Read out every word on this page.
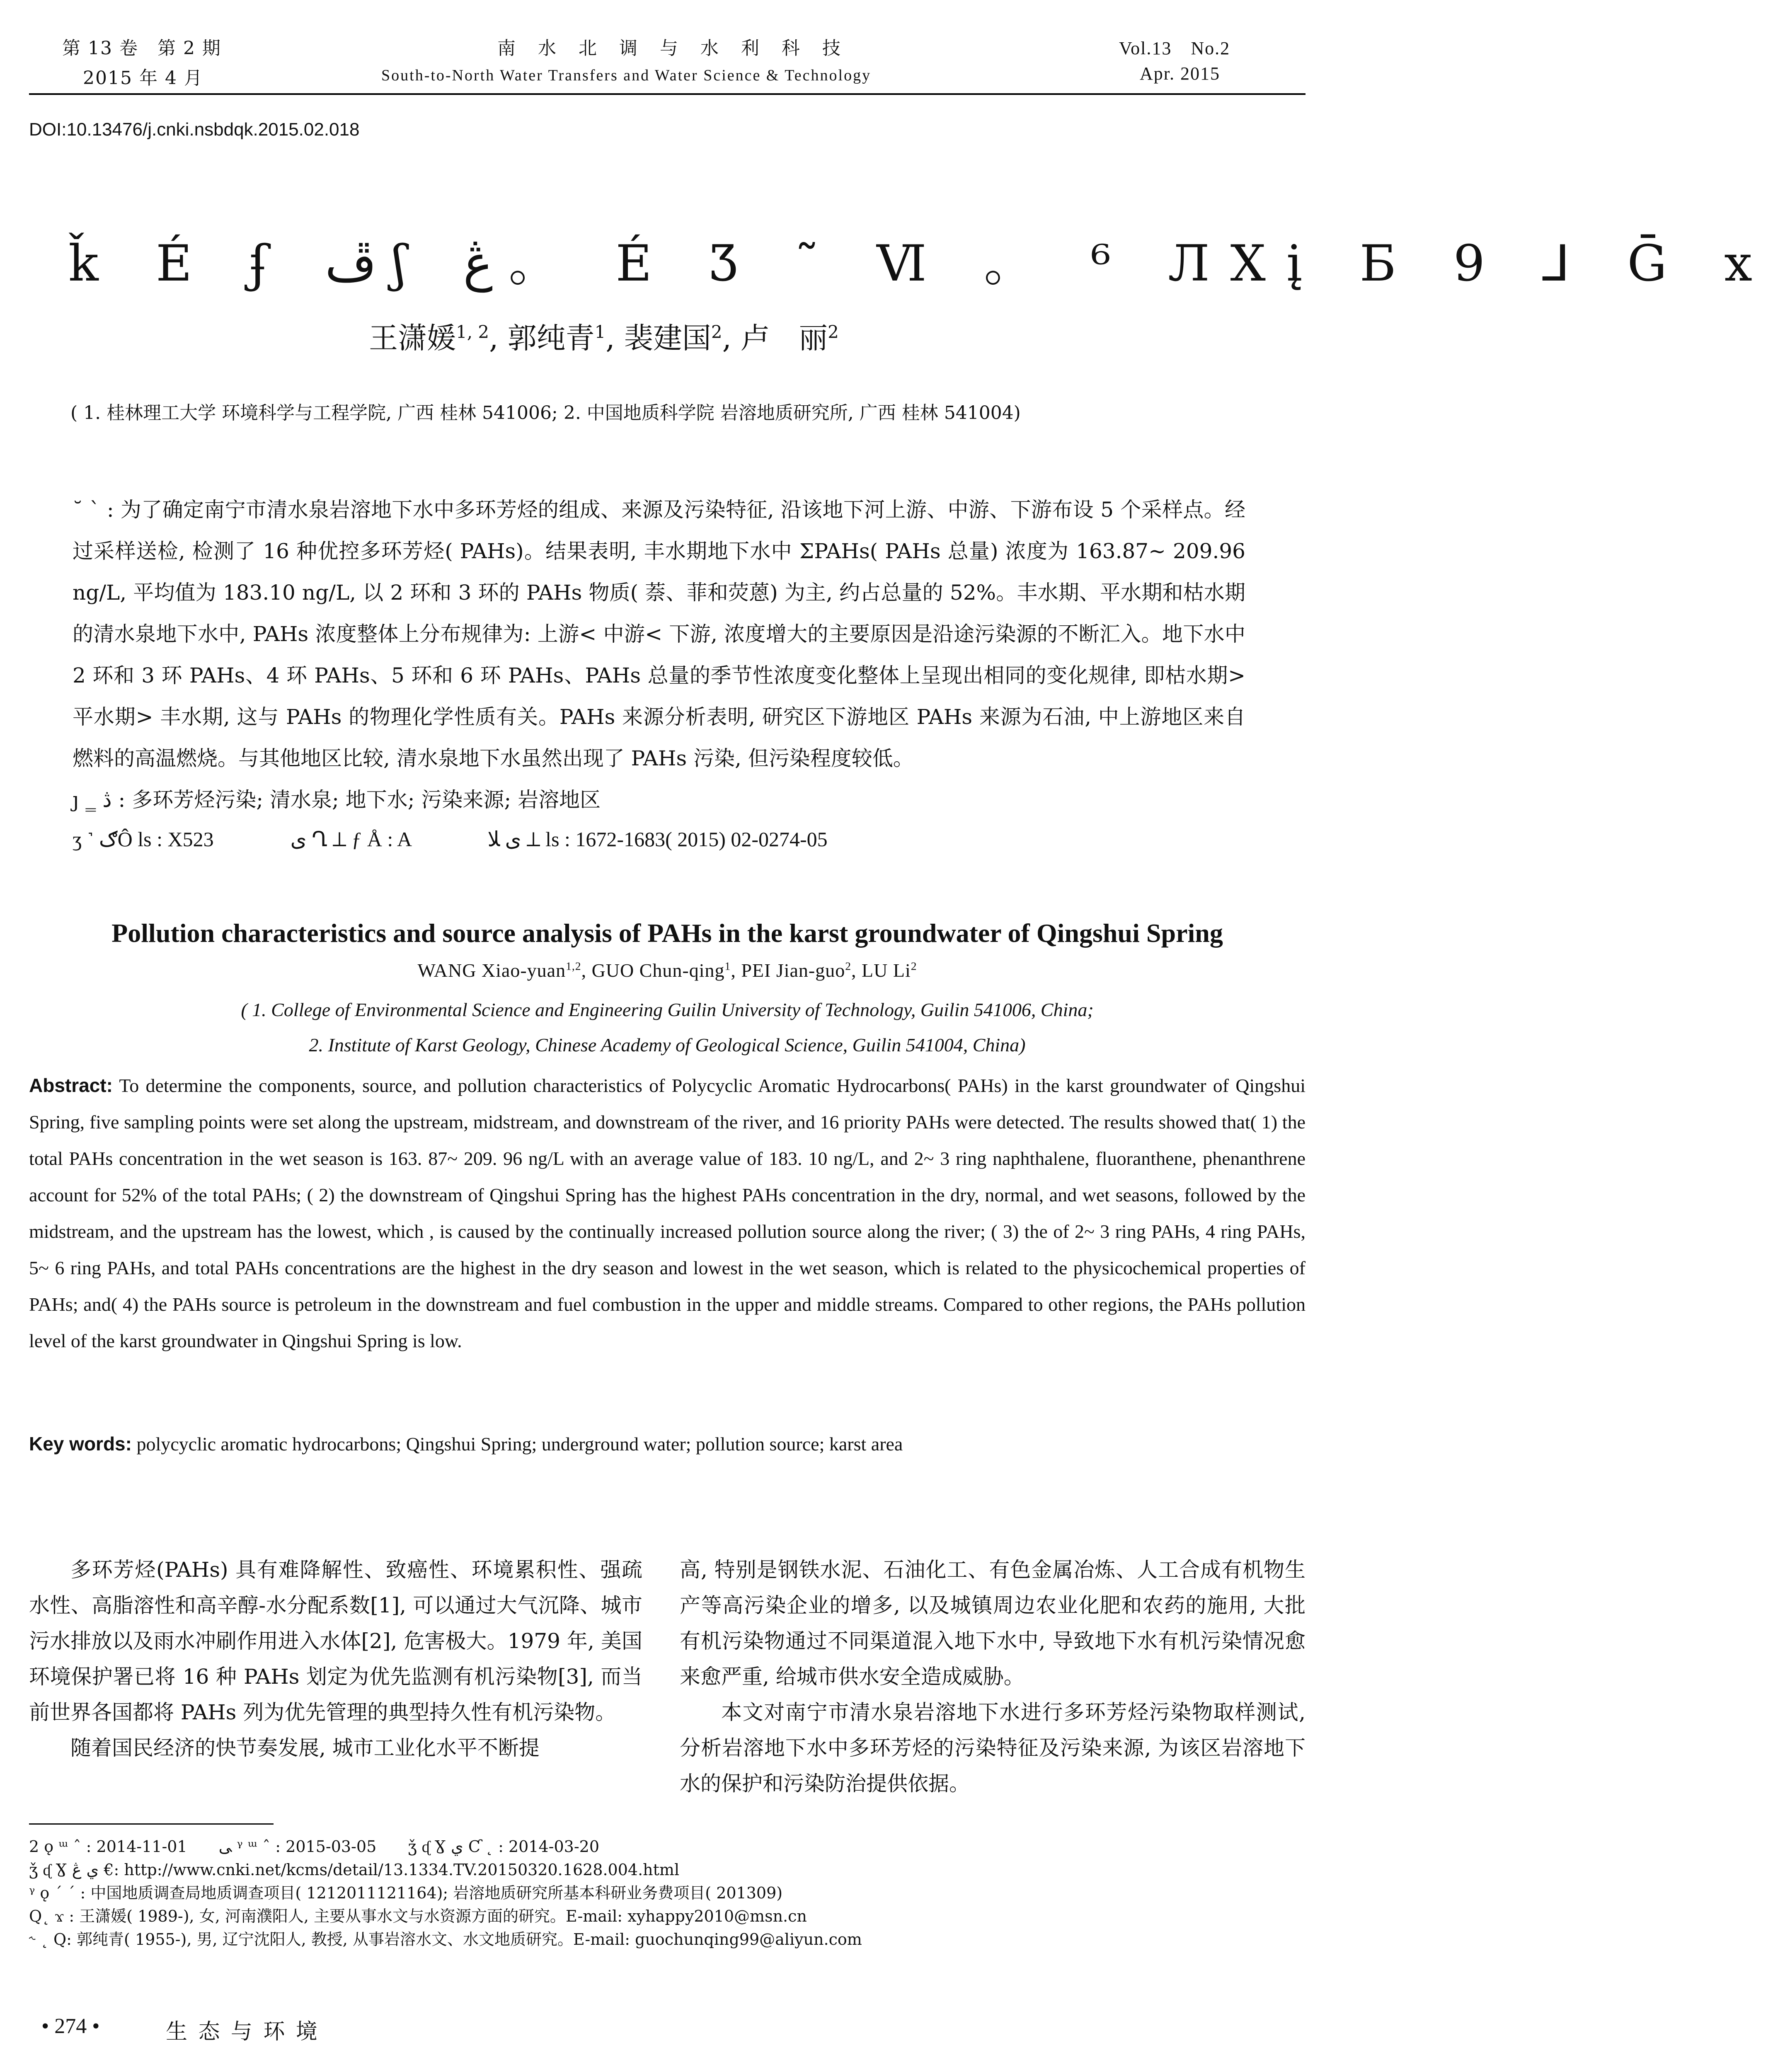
第 13 卷　第 2 期
2015 年 4 月
南 水 北 调 与 水 利 科 技
South-to-North Water Transfers and Water Science & Technology
Vol.13　No.2
Apr. 2015
DOI:10.13476/j.cnki.nsbdqk.2015.02.018
ǩ É ʄ ڦ ʃ ڠ 。 É Ʒ ˜ Ⅵ 。 ⁶ ЛⅩį Ƃ 9 ⅃ Ḡ ⅹ
王潇媛$^{1, 2}$, 郭纯青$^1$, 裴建国$^2$, 卢　丽$^2$
( 1. 桂林理工大学 环境科学与工程学院, 广西 桂林 541006; 2. 中国地质科学院 岩溶地质研究所, 广西 桂林 541004)
˘ ˋ : 为了确定南宁市清水泉岩溶地下水中多环芳烃的组成、来源及污染特征, 沿该地下河上游、中游、下游布设 5 个采样点。经过采样送检, 检测了 16 种优控多环芳烃( PAHs)。结果表明, 丰水期地下水中 ΣPAHs( PAHs 总量) 浓度为 163.87~ 209.96 ng/L, 平均值为 183.10 ng/L, 以 2 环和 3 环的 PAHs 物质( 萘、菲和荧蒽) 为主, 约占总量的 52%。丰水期、平水期和枯水期的清水泉地下水中, PAHs 浓度整体上分布规律为: 上游< 中游< 下游, 浓度增大的主要原因是沿途污染源的不断汇入。地下水中 2 环和 3 环 PAHs、4 环 PAHs、5 环和 6 环 PAHs、PAHs 总量的季节性浓度变化整体上呈现出相同的变化规律, 即枯水期> 平水期> 丰水期, 这与 PAHs 的物理化学性质有关。PAHs 来源分析表明, 研究区下游地区 PAHs 来源为石油, 中上游地区来自燃料的高温燃烧。与其他地区比较, 清水泉地下水虽然出现了 PAHs 污染, 但污染程度较低。
ȷ ‗ ڎ : 多环芳烃污染; 清水泉; 地下水; 污染来源; 岩溶地区
ʒ ˺ ګÔ ls : X523	ى Ղ ⟂ ƒ Å : A	ى ﻼ ⟂ ls : 1672-1683( 2015) 02-0274-05
Pollution characteristics and source analysis of PAHs in the karst groundwater of Qingshui Spring
WANG Xiao-yuan$^{1,2}$, GUO Chun-qing$^1$, PEI Jian-guo$^2$, LU Li$^2$
( 1. College of Environmental Science and Engineering Guilin University of Technology, Guilin 541006, China;
2. Institute of Karst Geology, Chinese Academy of Geological Science, Guilin 541004, China)
Abstract: To determine the components, source, and pollution characteristics of Polycyclic Aromatic Hydrocarbons( PAHs) in the karst groundwater of Qingshui Spring, five sampling points were set along the upstream, midstream, and downstream of the river, and 16 priority PAHs were detected. The results showed that( 1) the total PAHs concentration in the wet season is 163. 87~ 209. 96 ng/L with an average value of 183. 10 ng/L, and 2~ 3 ring naphthalene, fluoranthene, phenanthrene account for 52% of the total PAHs; ( 2) the downstream of Qingshui Spring has the highest PAHs concentration in the dry, normal, and wet seasons, followed by the midstream, and the upstream has the lowest, which , is caused by the continually increased pollution source along the river; ( 3) the of 2~ 3 ring PAHs, 4 ring PAHs, 5~ 6 ring PAHs, and total PAHs concentrations are the highest in the dry season and lowest in the wet season, which is related to the physicochemical properties of PAHs; and( 4) the PAHs source is petroleum in the downstream and fuel combustion in the upper and middle streams. Compared to other regions, the PAHs pollution level of the karst groundwater in Qingshui Spring is low.
Key words: polycyclic aromatic hydrocarbons; Qingshui Spring; underground water; pollution source; karst area

多环芳烃(PAHs) 具有难降解性、致癌性、环境累积性、强疏水性、高脂溶性和高辛醇-水分配系数[1], 可以通过大气沉降、城市污水排放以及雨水冲刷作用进入水体[2], 危害极大。1979 年, 美国环境保护署已将 16 种 PAHs 划定为优先监测有机污染物[3], 而当前世界各国都将 PAHs 列为优先管理的典型持久性有机污染物。

随着国民经济的快节奏发展, 城市工业化水平不断提

高, 特别是钢铁水泥、石油化工、有色金属冶炼、人工合成有机物生产等高污染企业的增多, 以及城镇周边农业化肥和农药的施用, 大批有机污染物通过不同渠道混入地下水中, 导致地下水有机污染情况愈来愈严重, 给城市供水安全造成威胁。

本文对南宁市清水泉岩溶地下水进行多环芳烃污染物取样测试, 分析岩溶地下水中多环芳烃的污染特征及污染来源, 为该区岩溶地下水的保护和污染防治提供依据。

2 ǫ ᵚ ˆ : 2014-11-01　　ﻰ ᵞ ᵚ ˆ : 2015-03-05　　ǯ ᶑ Ɣ ي Ƈ ˛ : 2014-03-20
ǯ ᶑ Ɣ ي ڠ €: http://www.cnki.net/kcms/detail/13.1334.TV.20150320.1628.004.html
ᵞ ǫ ´ ˊ : 中国地质调查局地质调查项目( 1212011121164); 岩溶地质研究所基本科研业务费项目( 201309)
Q˛ ϫ : 王潇媛( 1989-), 女, 河南濮阳人, 主要从事水文与水资源方面的研究。E-mail: xyhappy2010@msn.cn
˞ ˛ Q: 郭纯青( 1955-), 男, 辽宁沈阳人, 教授, 从事岩溶水文、水文地质研究。E-mail: guochunqing99@aliyun.com
• 274 •	生 态 与 环 境
